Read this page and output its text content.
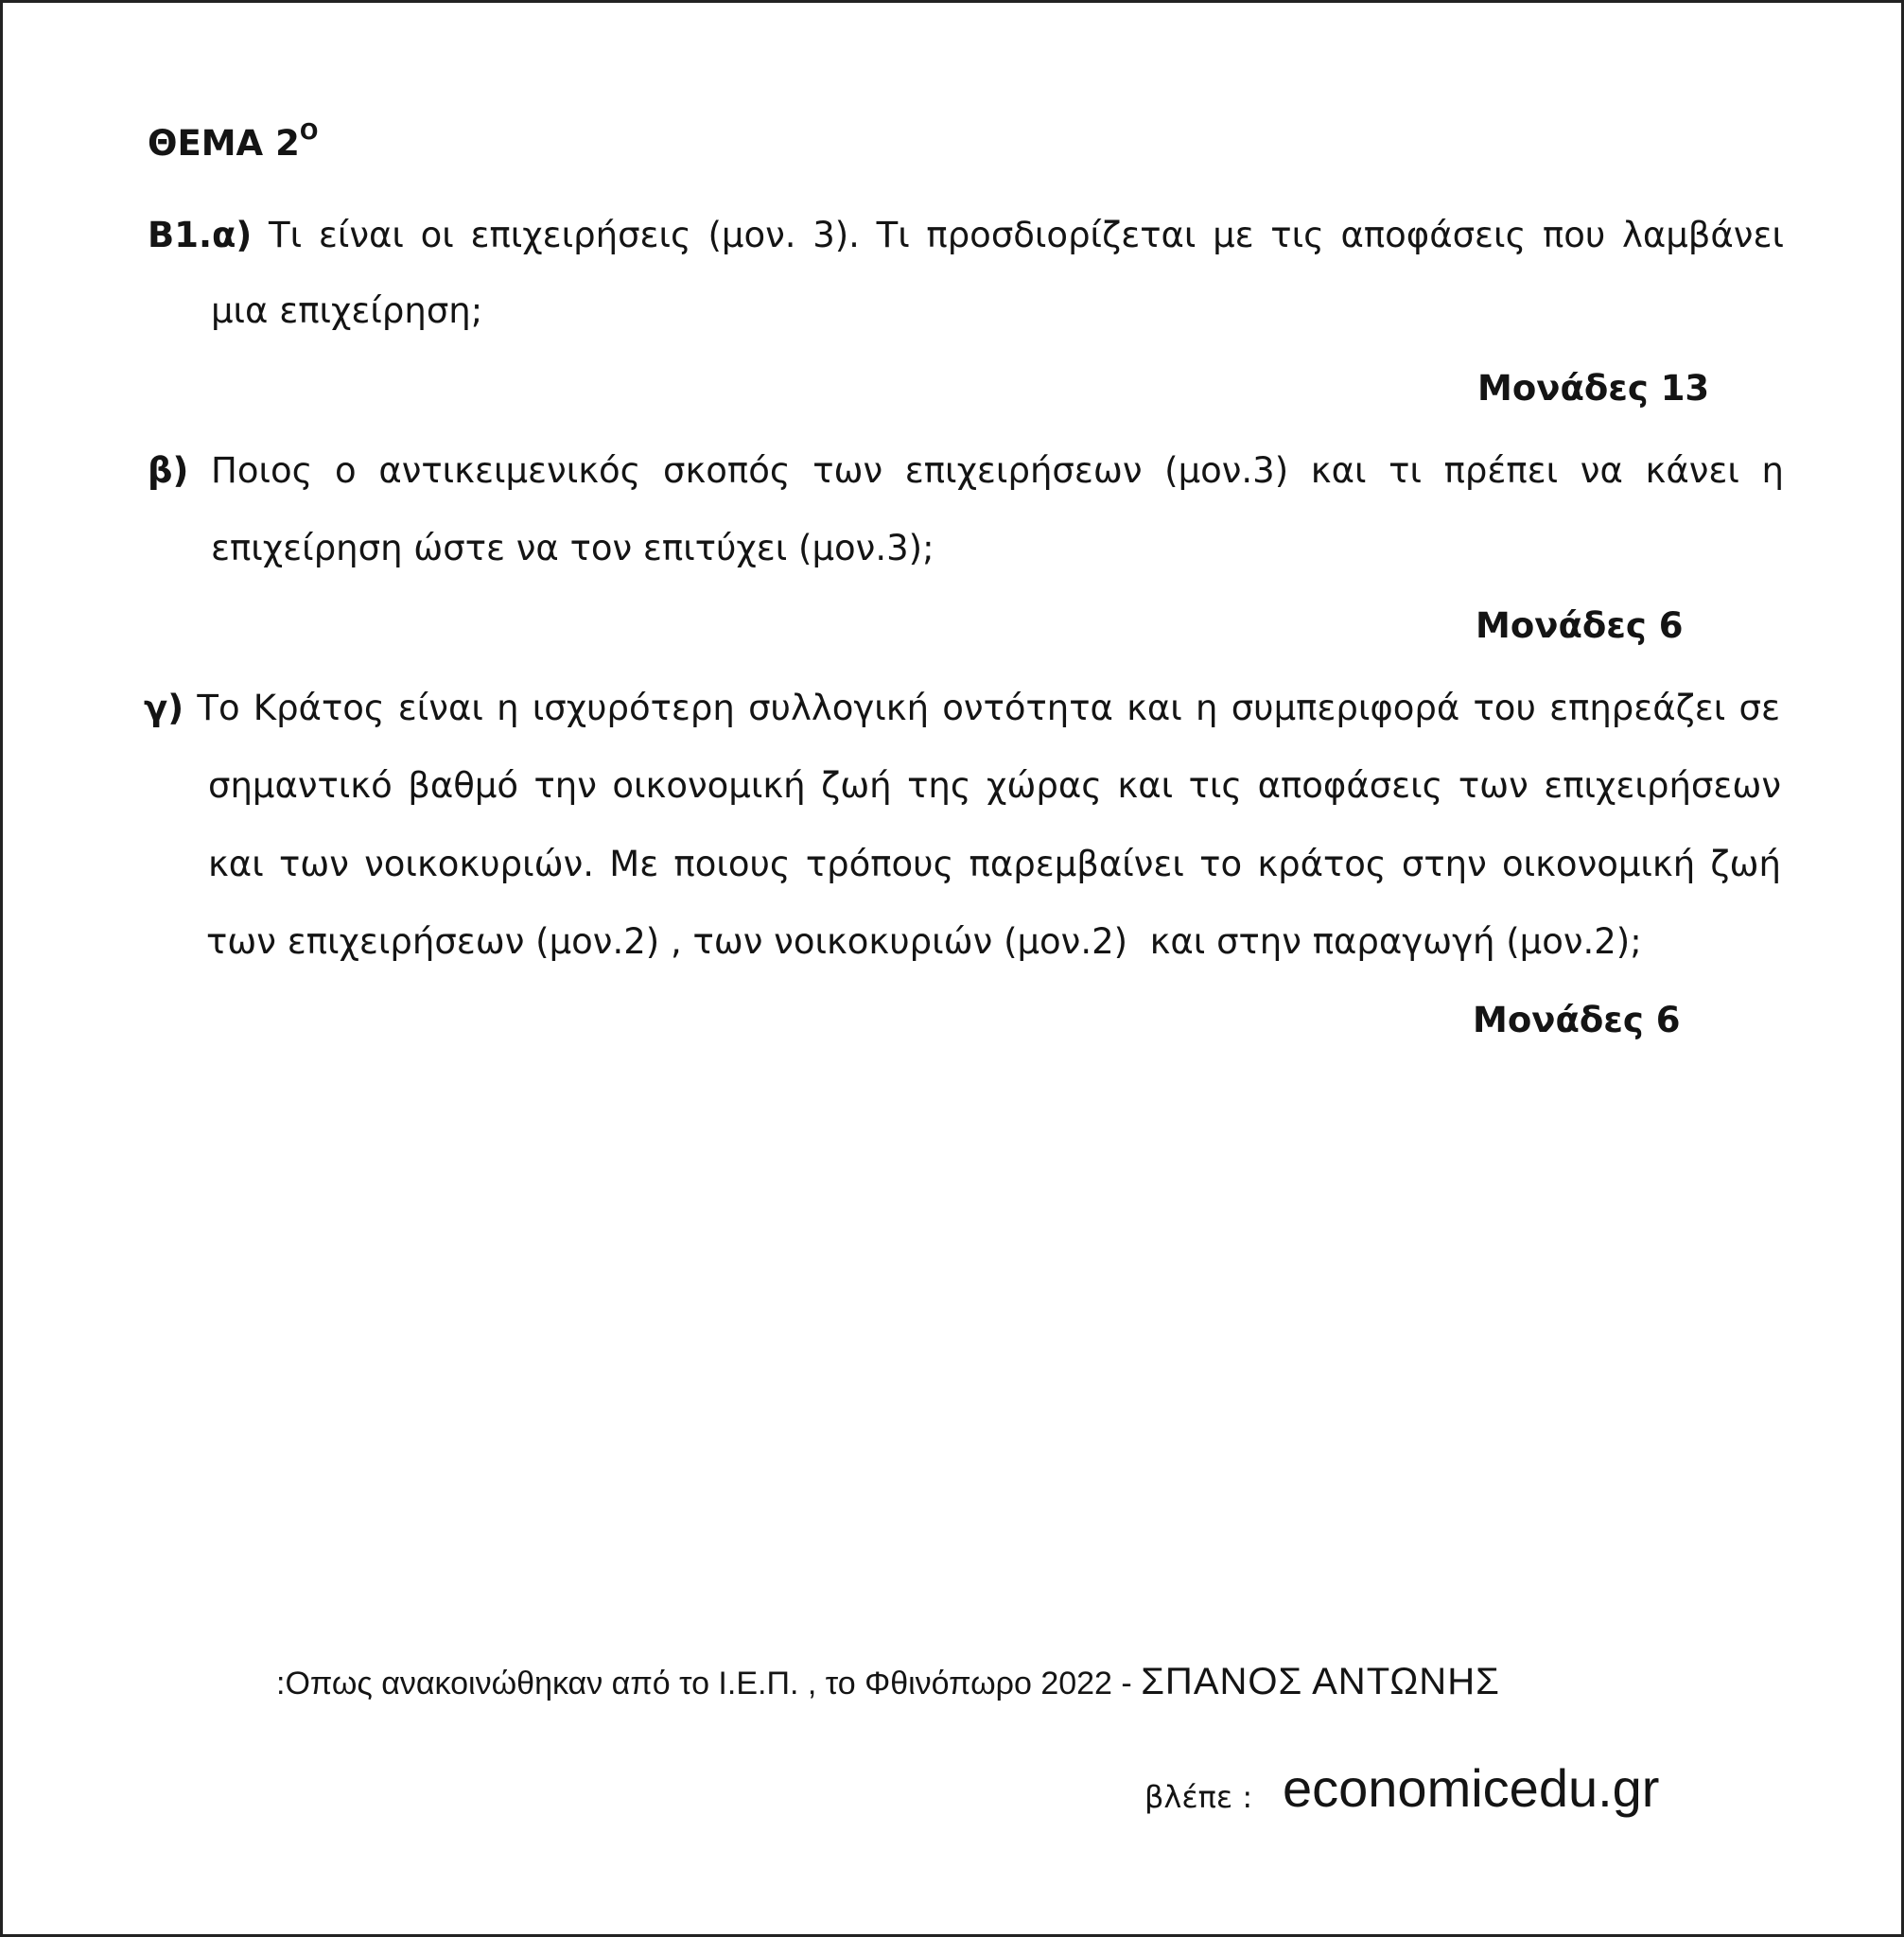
ΘΕΜΑ $2^O$
Β1.α) Τι είναι οι επιχειρήσεις (μον. 3). Τι προσδιορίζεται με τις αποφάσεις που λαμβάνει
μια επιχείρηση;
Μονάδες 13
β) Ποιος ο αντικειμενικός σκοπός των επιχειρήσεων (μον.3) και τι πρέπει να κάνει η
επιχείρηση ώστε να τον επιτύχει (μον.3);
Μονάδες 6
γ) Το Κράτος είναι η ισχυρότερη συλλογική οντότητα και η συμπεριφορά του επηρεάζει σε
σημαντικό βαθμό την οικονομική ζωή της χώρας και τις αποφάσεις των επιχειρήσεων
και των νοικοκυριών. Με ποιους τρόπους παρεμβαίνει το κράτος στην οικονομική ζωή
των επιχειρήσεων (μον.2) , των νοικοκυριών (μον.2)  και στην παραγωγή (μον.2);
Μονάδες 6
:Οπως ανακοινώθηκαν από το Ι.Ε.Π. , το Φθινόπωρο 2022 - ΣΠΑΝΟΣ ΑΝΤΩΝΗΣ
βλέπε : economicedu.gr
